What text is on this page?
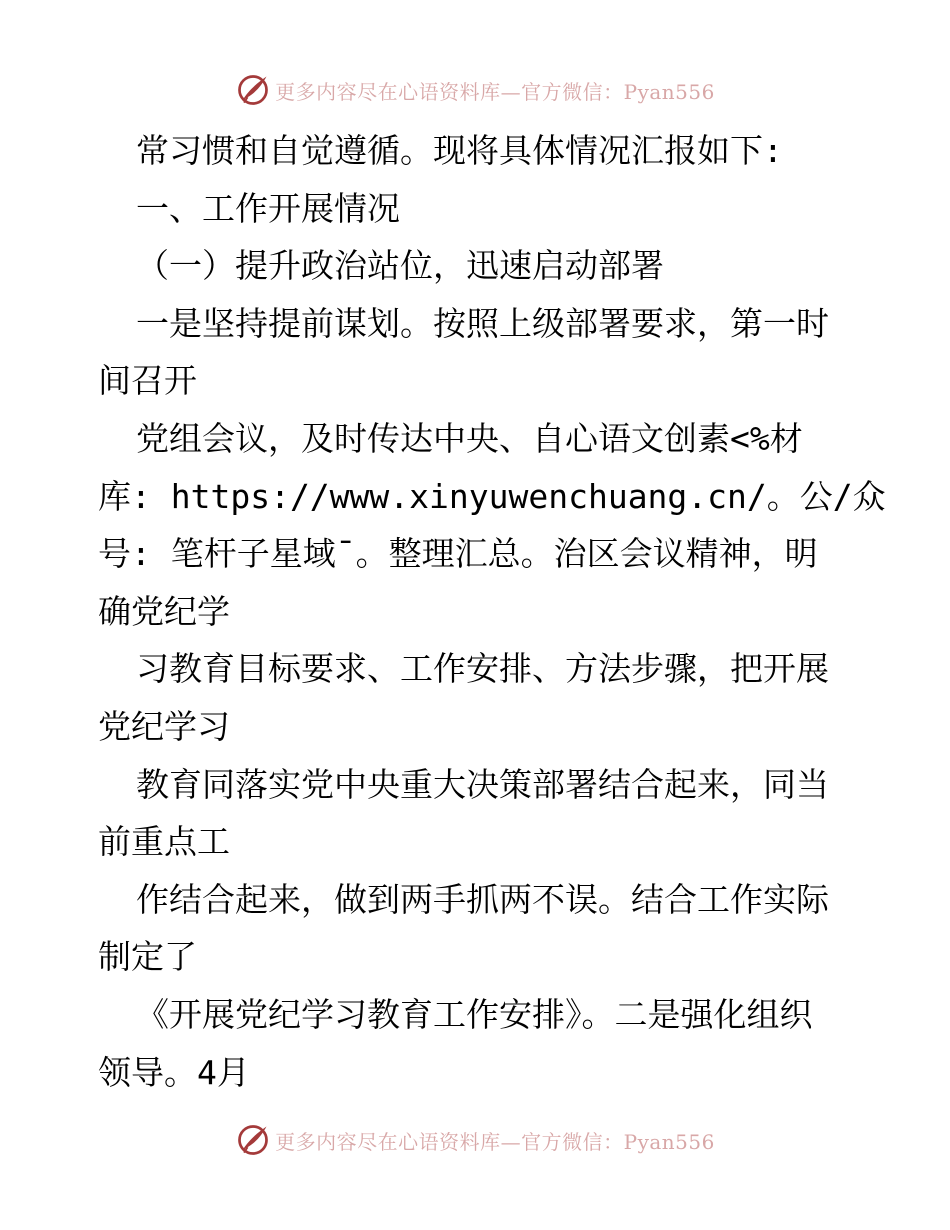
更多内容尽在心语资料库—官方微信：Pyan556
常习惯和自觉遵循。现将具体情况汇报如下:
一、工作开展情况
（一）提升政治站位，迅速启动部署
一是坚持提前谋划。按照上级部署要求，第一时
间召开
党组会议，及时传达中央、自心语文创素<%材
库: https://www.xinyuwenchuang.cn/。公/众
号: 笔杆子星域¯。整理汇总。治区会议精神，明
确党纪学
习教育目标要求、工作安排、方法步骤，把开展
党纪学习
教育同落实党中央重大决策部署结合起来，同当
前重点工
作结合起来，做到两手抓两不误。结合工作实际
制定了
《开展党纪学习教育工作安排》。二是强化组织
领导。4月
更多内容尽在心语资料库—官方微信：Pyan556
